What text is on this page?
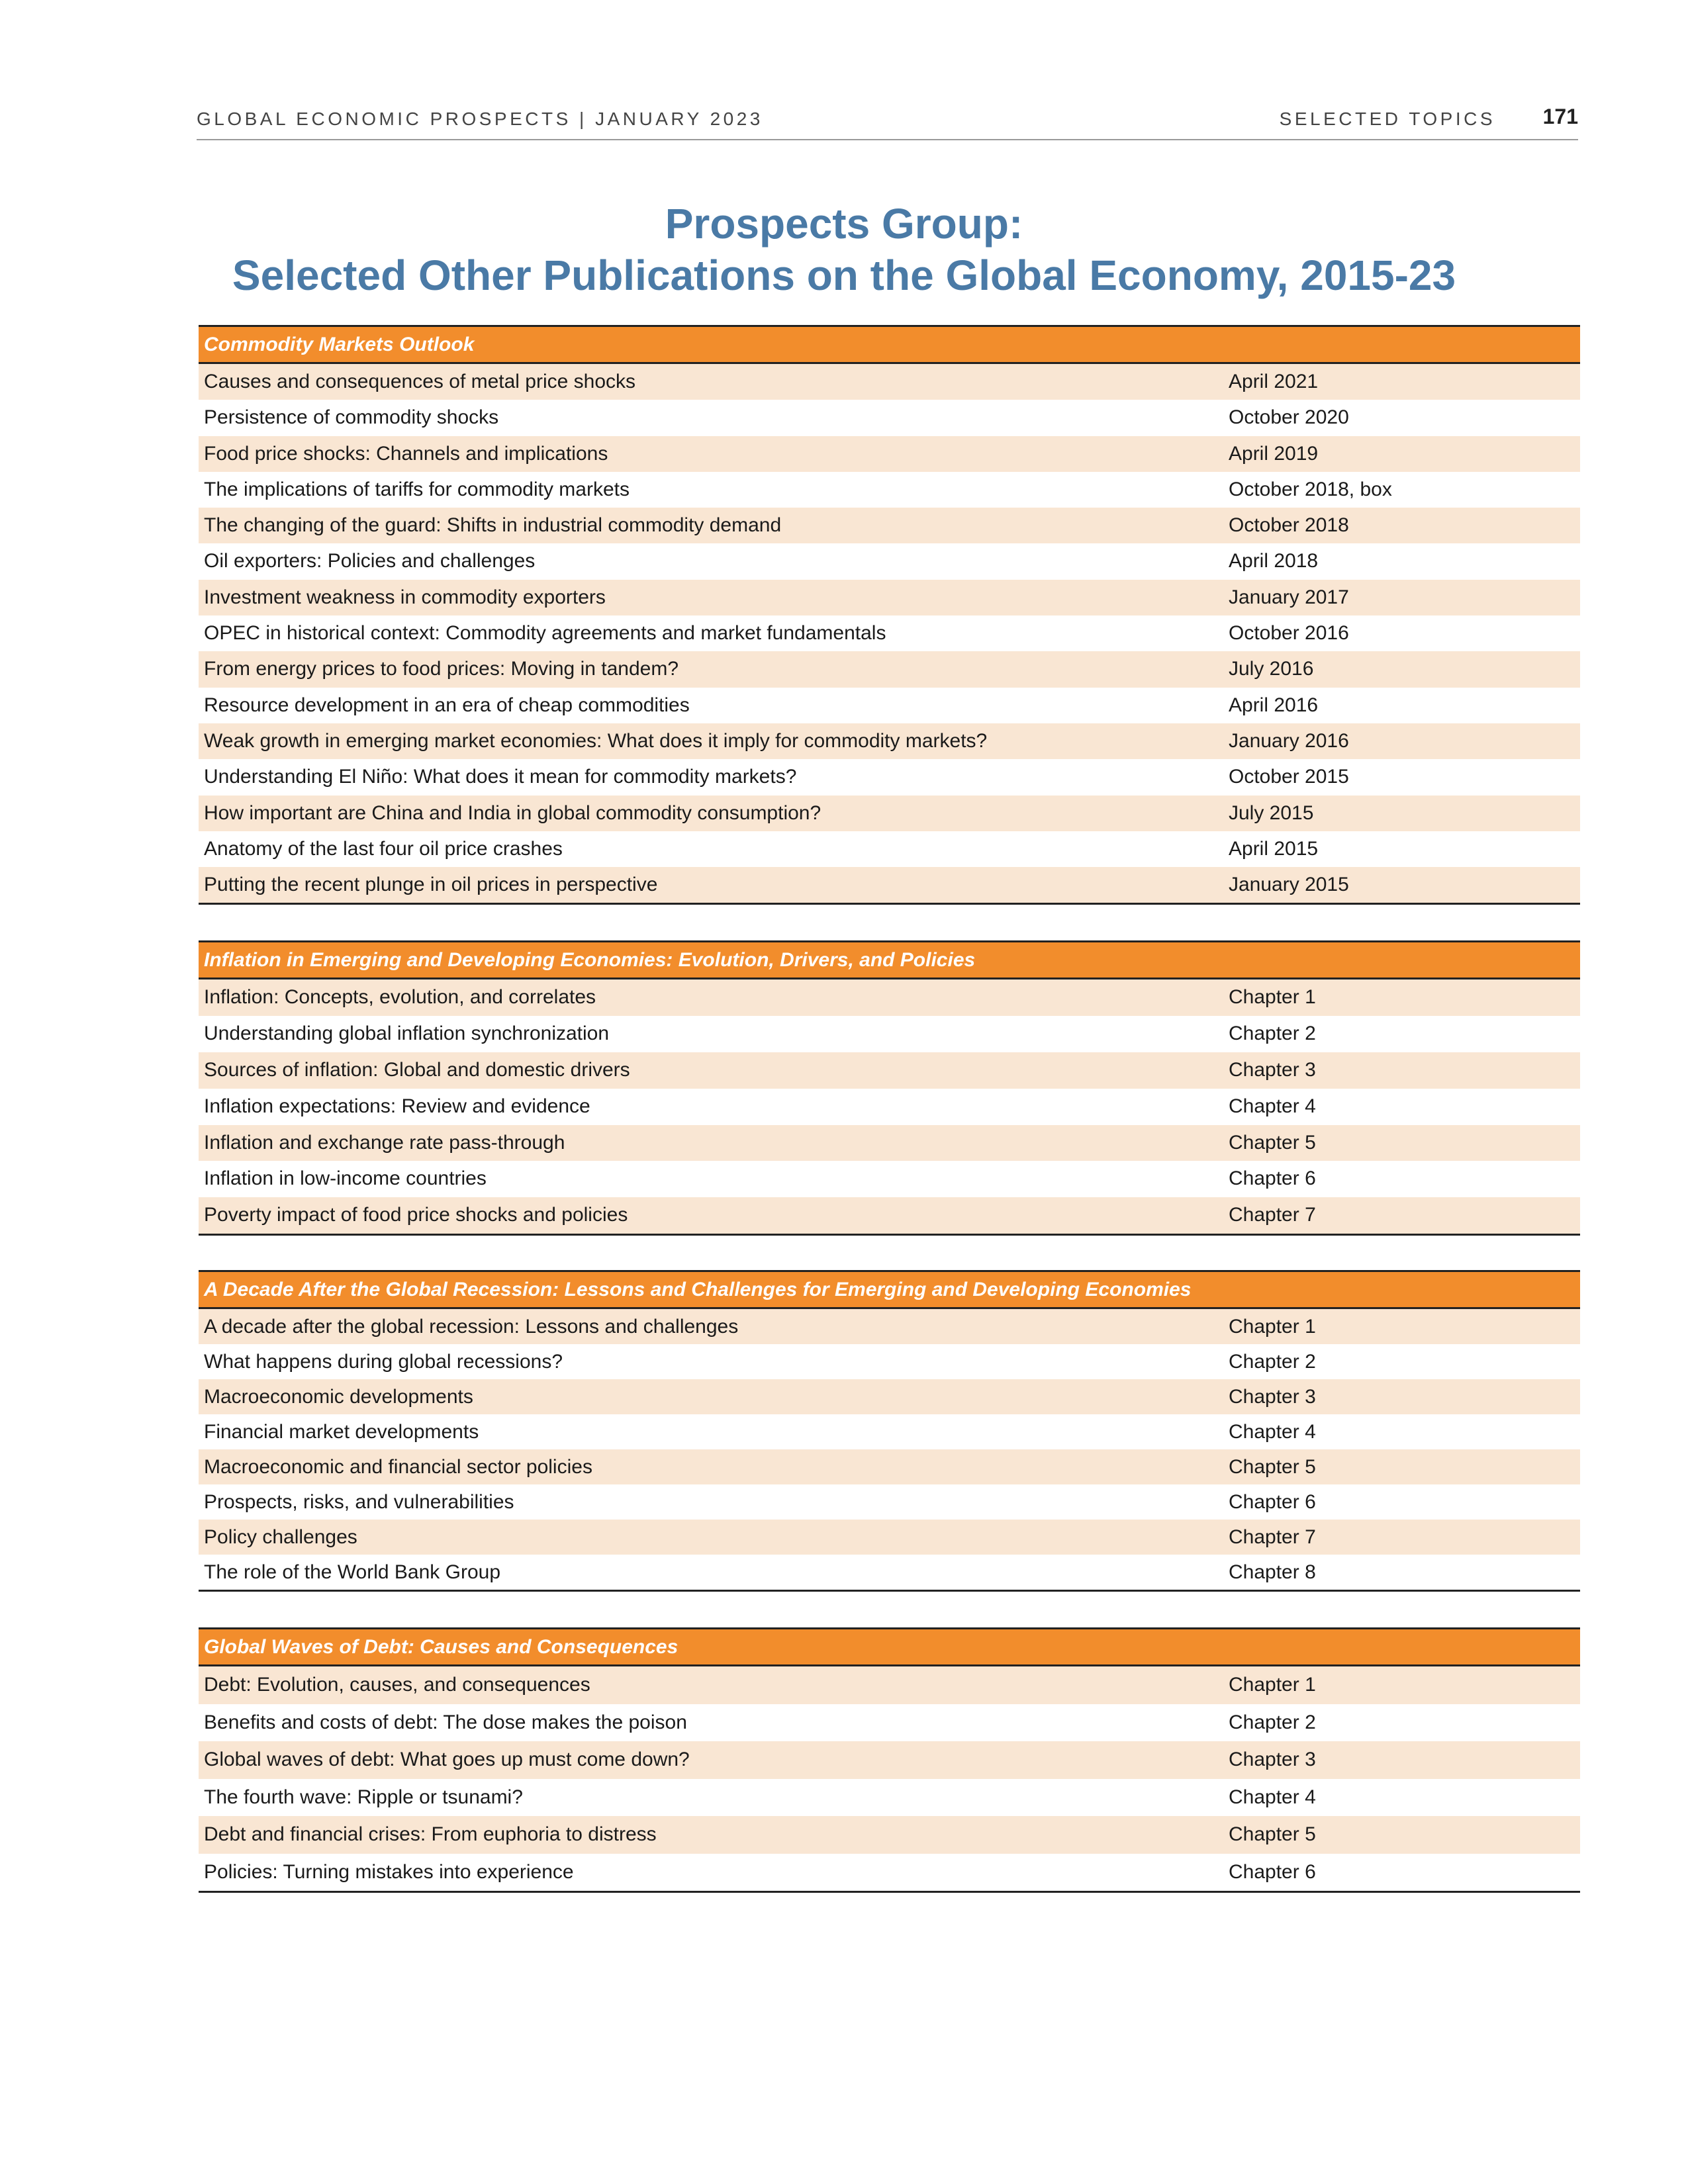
GLOBAL ECONOMIC PROSPECTS | JANUARY 2023	SELECTED TOPICS 171
Prospects Group:
Selected Other Publications on the Global Economy, 2015-23
Commodity Markets Outlook
Causes and consequences of metal price shocks	April 2021
Persistence of commodity shocks	October 2020
Food price shocks: Channels and implications	April 2019
The implications of tariffs for commodity markets	October 2018, box
The changing of the guard: Shifts in industrial commodity demand	October 2018
Oil exporters: Policies and challenges	April 2018
Investment weakness in commodity exporters	January 2017
OPEC in historical context: Commodity agreements and market fundamentals	October 2016
From energy prices to food prices: Moving in tandem?	July 2016
Resource development in an era of cheap commodities	April 2016
Weak growth in emerging market economies: What does it imply for commodity markets?	January 2016
Understanding El Niño: What does it mean for commodity markets?	October 2015
How important are China and India in global commodity consumption?	July 2015
Anatomy of the last four oil price crashes	April 2015
Putting the recent plunge in oil prices in perspective	January 2015
Inflation in Emerging and Developing Economies: Evolution, Drivers, and Policies
Inflation: Concepts, evolution, and correlates	Chapter 1
Understanding global inflation synchronization	Chapter 2
Sources of inflation: Global and domestic drivers	Chapter 3
Inflation expectations: Review and evidence	Chapter 4
Inflation and exchange rate pass-through	Chapter 5
Inflation in low-income countries	Chapter 6
Poverty impact of food price shocks and policies	Chapter 7
A Decade After the Global Recession: Lessons and Challenges for Emerging and Developing Economies
A decade after the global recession: Lessons and challenges	Chapter 1
What happens during global recessions?	Chapter 2
Macroeconomic developments	Chapter 3
Financial market developments	Chapter 4
Macroeconomic and financial sector policies	Chapter 5
Prospects, risks, and vulnerabilities	Chapter 6
Policy challenges	Chapter 7
The role of the World Bank Group	Chapter 8
Global Waves of Debt: Causes and Consequences
Debt: Evolution, causes, and consequences	Chapter 1
Benefits and costs of debt: The dose makes the poison	Chapter 2
Global waves of debt: What goes up must come down?	Chapter 3
The fourth wave: Ripple or tsunami?	Chapter 4
Debt and financial crises: From euphoria to distress	Chapter 5
Policies: Turning mistakes into experience	Chapter 6
